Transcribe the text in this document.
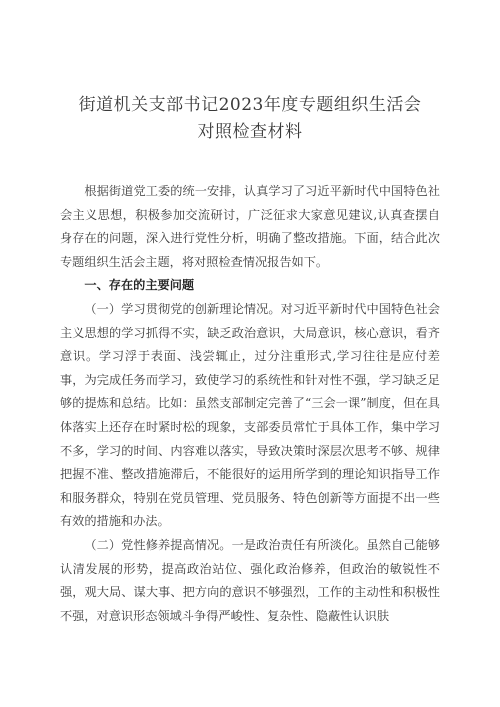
街道机关支部书记2023年度专题组织生活会
对照检查材料

根据街道党工委的统一安排，认真学习了习近平新时代中国特色社会主义思想，积极参加交流研讨，广泛征求大家意见建议,认真查摆自身存在的问题，深入进行党性分析，明确了整改措施。下面，结合此次专题组织生活会主题，将对照检查情况报告如下。

一、存在的主要问题

（一）学习贯彻党的创新理论情况。对习近平新时代中国特色社会主义思想的学习抓得不实，缺乏政治意识，大局意识，核心意识，看齐意识。学习浮于表面、浅尝辄止，过分注重形式,学习往往是应付差事，为完成任务而学习，致使学习的系统性和针对性不强，学习缺乏足够的提炼和总结。比如：虽然支部制定完善了“三会一课”制度，但在具体落实上还存在时紧时松的现象，支部委员常忙于具体工作，集中学习不多，学习的时间、内容难以落实，导致决策时深层次思考不够、规律把握不准、整改措施滞后，不能很好的运用所学到的理论知识指导工作和服务群众，特别在党员管理、党员服务、特色创新等方面提不出一些有效的措施和办法。

（二）党性修养提高情况。一是政治责任有所淡化。虽然自己能够认清发展的形势，提高政治站位、强化政治修养，但政治的敏锐性不强，观大局、谋大事、把方向的意识不够强烈，工作的主动性和积极性不强，对意识形态领域斗争得严峻性、复杂性、隐蔽性认识肤
